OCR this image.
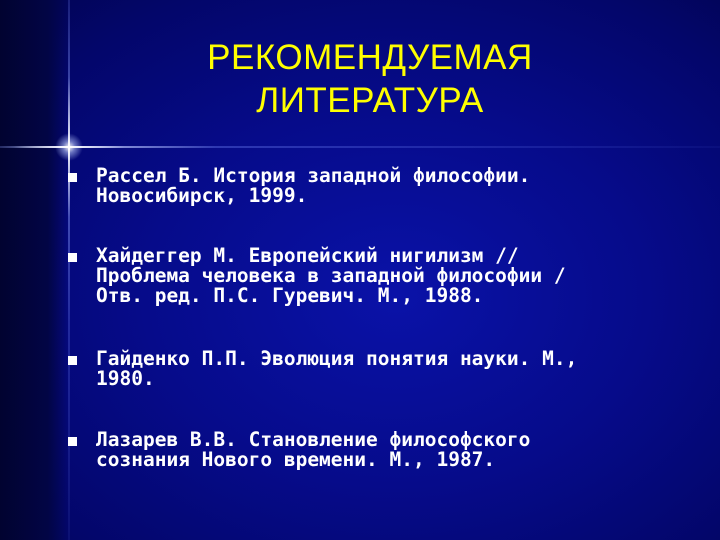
РЕКОМЕНДУЕМАЯ
ЛИТЕРАТУРА
Рассел Б. История западной философии.
Новосибирск, 1999.
Хайдеггер М. Европейский нигилизм //
Проблема человека в западной философии /
Отв. ред. П.С. Гуревич. М., 1988.
Гайденко П.П. Эволюция понятия науки. М.,
1980.
Лазарев В.В. Становление философского
сознания Нового времени. М., 1987.
